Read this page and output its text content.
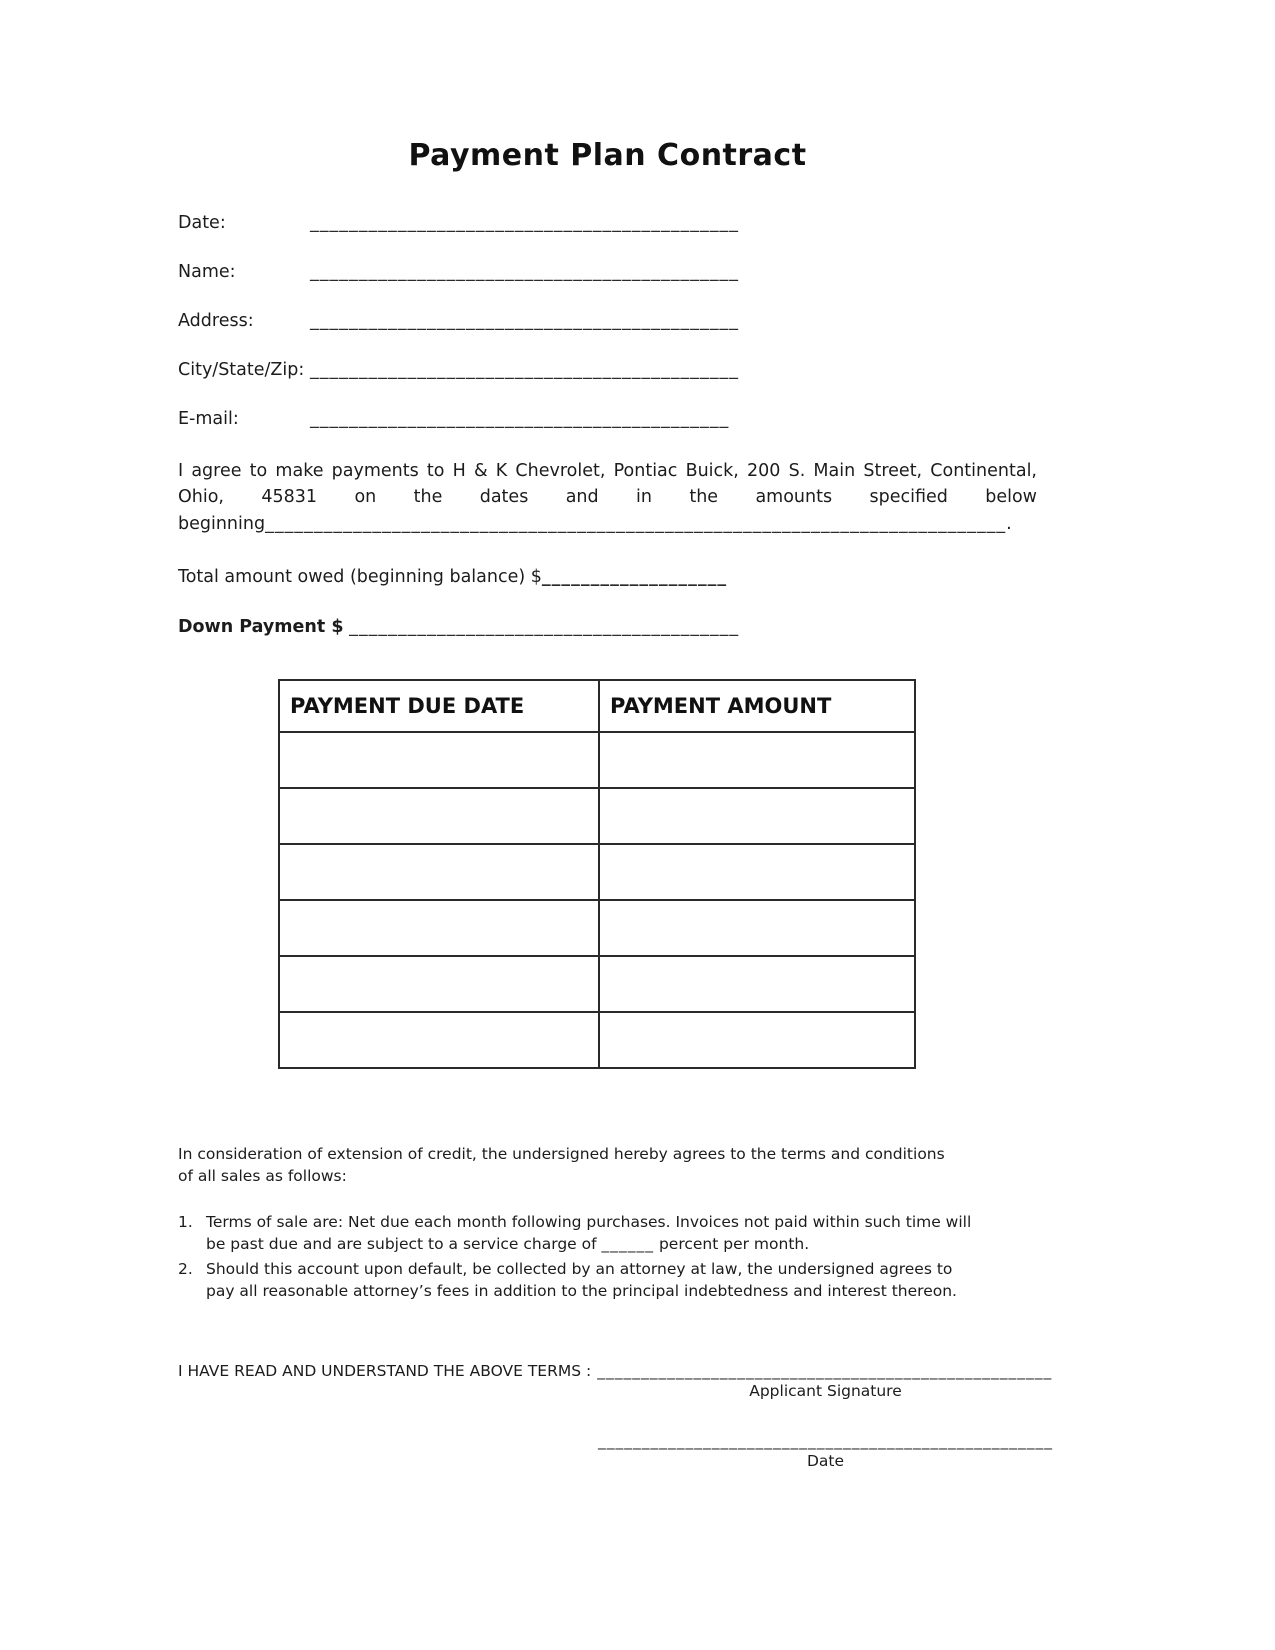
Payment Plan Contract
Date:	____________________________________________
Name:	____________________________________________
Address:	____________________________________________
City/State/Zip: ____________________________________________
E-mail:	___________________________________________

I agree to make payments to H & K Chevrolet, Pontiac Buick, 200 S. Main Street, Continental, Ohio, 45831 on the dates and in the amounts specified below beginning____________________________________________________________________________.

Total amount owed (beginning balance) $___________________
Down Payment $ ________________________________________
PAYMENT DUE DATE	PAYMENT AMOUNT

In consideration of extension of credit, the undersigned hereby agrees to the terms and conditions of all sales as follows:
1. Terms of sale are: Net due each month following purchases. Invoices not paid within such time will be past due and are subject to a service charge of ______ percent per month.
2. Should this account upon default, be collected by an attorney at law, the undersigned agrees to pay all reasonable attorney’s fees in addition to the principal indebtedness and interest thereon.
I HAVE READ AND UNDERSTAND THE ABOVE TERMS : ____________________________________________________
Applicant Signature
____________________________________________________
Date
